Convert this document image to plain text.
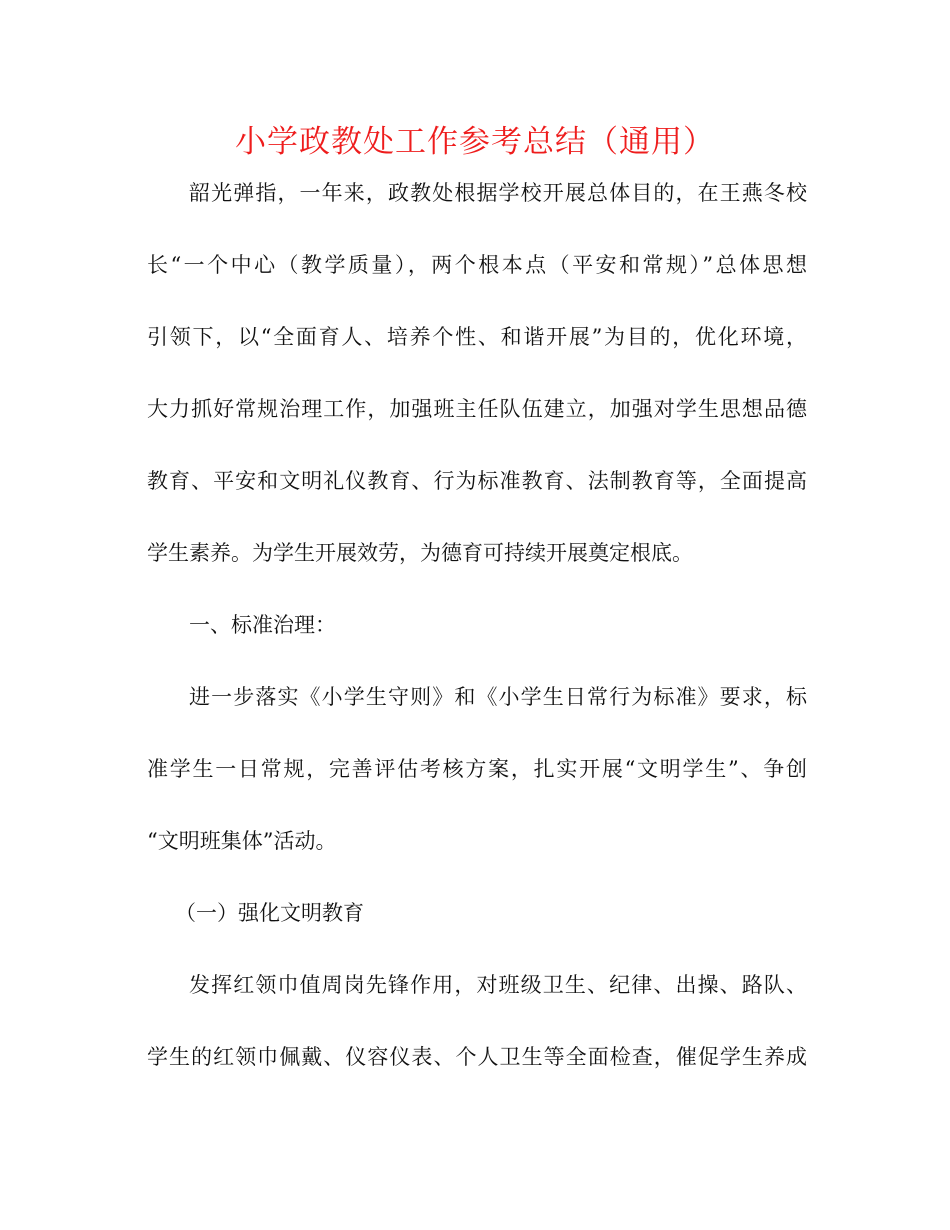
小学政教处工作参考总结（通用）
韶光弹指，一年来，政教处根据学校开展总体目的，在王燕冬校
长“一个中心（教学质量），两个根本点（平安和常规）”总体思想
引领下，以“全面育人、培养个性、和谐开展”为目的，优化环境，
大力抓好常规治理工作，加强班主任队伍建立，加强对学生思想品德
教育、平安和文明礼仪教育、行为标准教育、法制教育等，全面提高
学生素养。为学生开展效劳，为德育可持续开展奠定根底。
一、标准治理：
进一步落实《小学生守则》和《小学生日常行为标准》要求，标
准学生一日常规，完善评估考核方案，扎实开展“文明学生”、争创
“文明班集体”活动。
（一）强化文明教育
发挥红领巾值周岗先锋作用，对班级卫生、纪律、出操、路队、
学生的红领巾佩戴、仪容仪表、个人卫生等全面检查，催促学生养成
